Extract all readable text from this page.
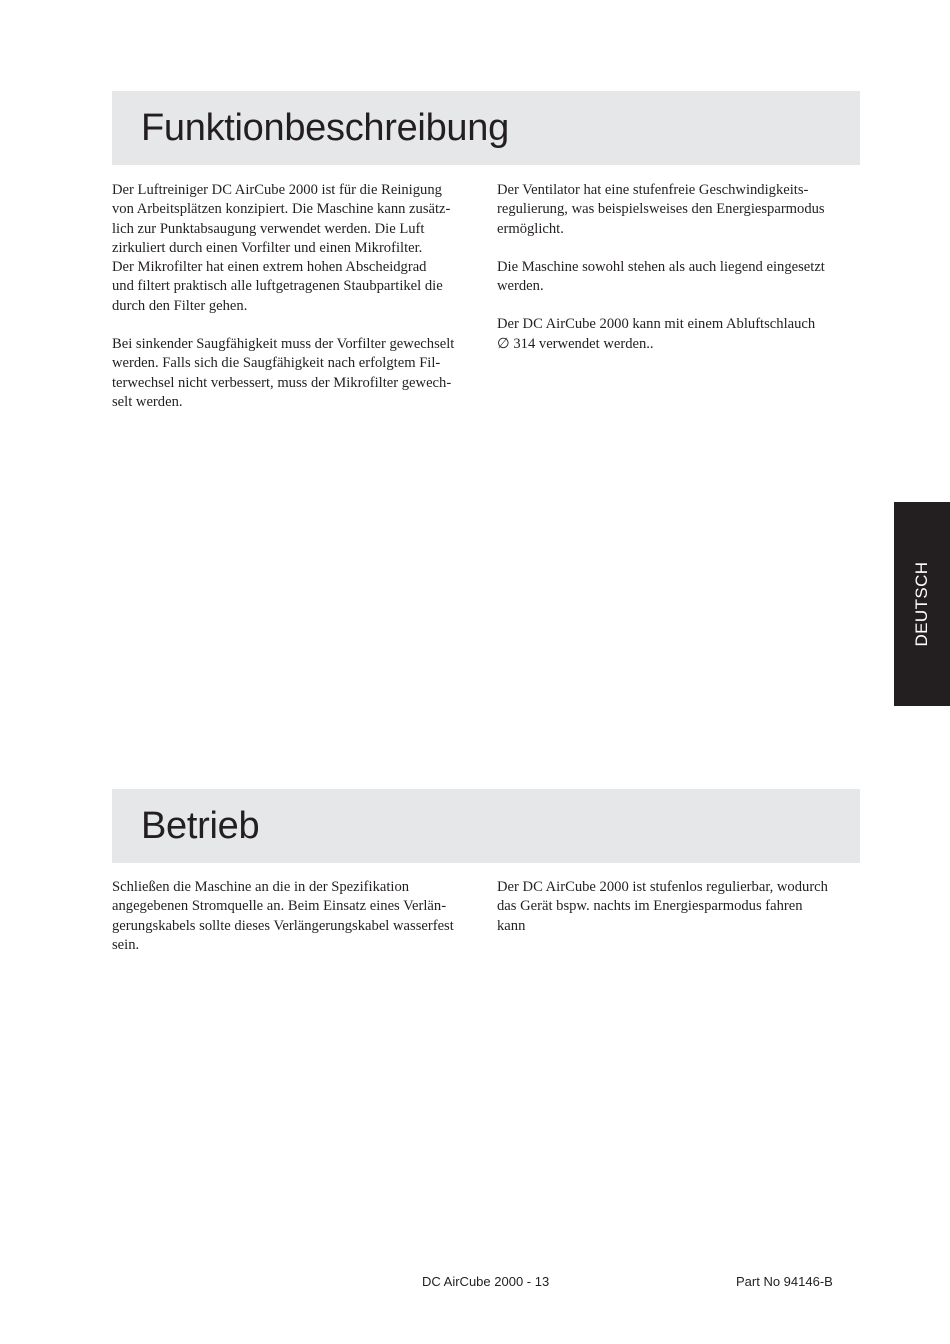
Funktionbeschreibung

Der Luftreiniger DC AirCube 2000 ist für die Reinigung
von Arbeitsplätzen konzipiert. Die Maschine kann zusätz-
lich zur Punktabsaugung verwendet werden. Die Luft
zirkuliert durch einen Vorfilter und einen Mikrofilter.
Der Mikrofilter hat einen extrem hohen Abscheidgrad
und filtert praktisch alle luftgetragenen Staubpartikel die
durch den Filter gehen.

Bei sinkender Saugfähigkeit muss der Vorfilter gewechselt
werden. Falls sich die Saugfähigkeit nach erfolgtem Fil-
terwechsel nicht verbessert, muss der Mikrofilter gewech-
selt werden.

Der Ventilator hat eine stufenfreie Geschwindigkeits-
regulierung, was beispielsweises den Energiesparmodus
ermöglicht.

Die Maschine sowohl stehen als auch liegend eingesetzt
werden.

Der DC AirCube 2000 kann mit einem Abluftschlauch
∅ 314 verwendet werden..

DEUTSCH
Betrieb

Schließen die Maschine an die in der Spezifikation
angegebenen Stromquelle an. Beim Einsatz eines Verlän-
gerungskabels sollte dieses Verlängerungskabel wasserfest
sein.

Der DC AirCube 2000 ist stufenlos regulierbar, wodurch
das Gerät bspw. nachts im Energiesparmodus fahren
kann

DC AirCube 2000 - 13	Part No 94146-B
